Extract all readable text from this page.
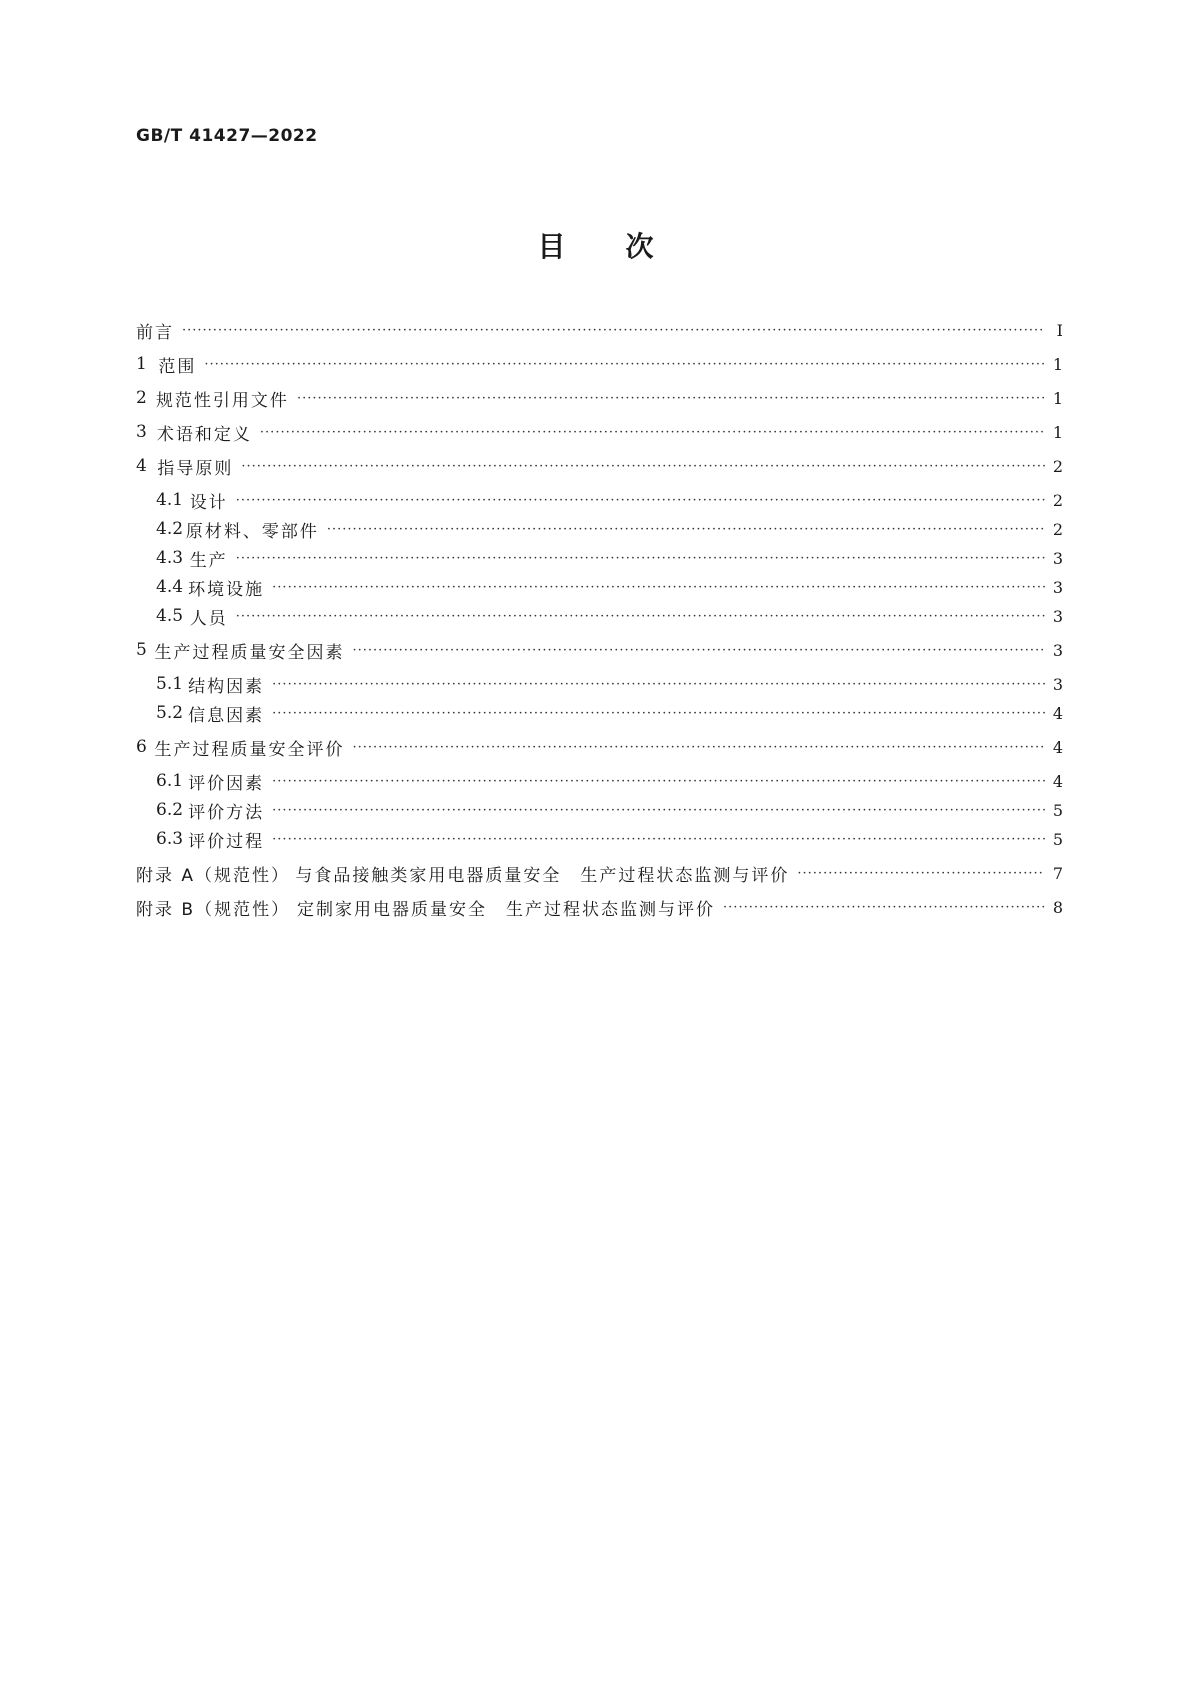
GB/T 41427—2022
目次
前言 ·····	Ⅰ
1 范围 ·····	1
2 规范性引用文件 ·····	1
3 术语和定义 ·····	1
4 指导原则 ·····	2
4.1 设计 ·····	2
4.2 原材料、零部件 ·····	2
4.3 生产 ·····	3
4.4 环境设施 ·····	3
4.5 人员 ·····	3
5 生产过程质量安全因素 ·····	3
5.1 结构因素 ·····	3
5.2 信息因素 ·····	4
6 生产过程质量安全评价 ·····	4
6.1 评价因素 ·····	4
6.2 评价方法 ·····	5
6.3 评价过程 ·····	5
附录 A（规范性） 与食品接触类家用电器质量安全　生产过程状态监测与评价 ·····	7
附录 B（规范性） 定制家用电器质量安全　生产过程状态监测与评价 ·····	8
